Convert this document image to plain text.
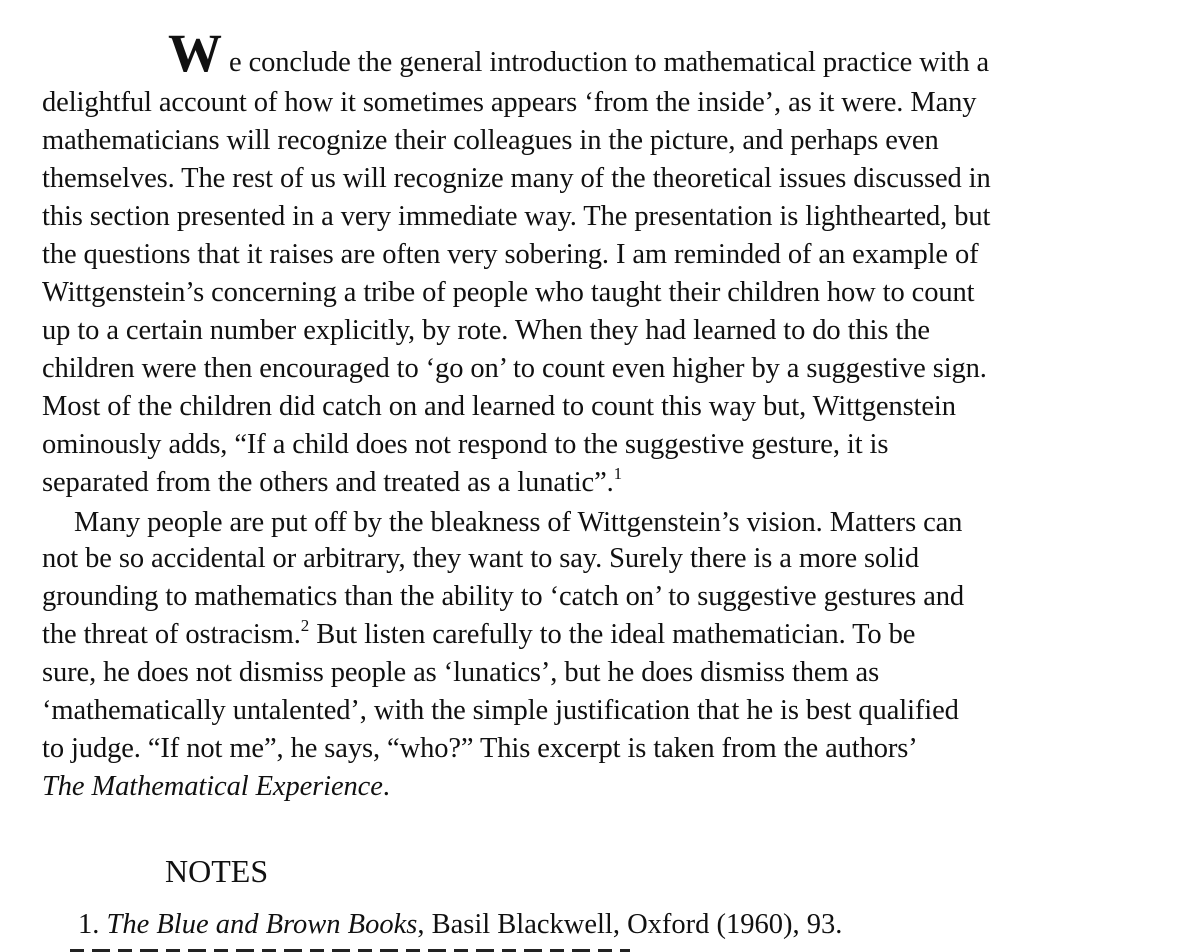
W e conclude the general introduction to mathematical practice with a
delightful account of how it sometimes appears ‘from the inside’, as it were. Many
mathematicians will recognize their colleagues in the picture, and perhaps even
themselves. The rest of us will recognize many of the theoretical issues discussed in
this section presented in a very immediate way. The presentation is lighthearted, but
the questions that it raises are often very sobering. I am reminded of an example of
Wittgenstein’s concerning a tribe of people who taught their children how to count
up to a certain number explicitly, by rote. When they had learned to do this the
children were then encouraged to ‘go on’ to count even higher by a suggestive sign.
Most of the children did catch on and learned to count this way but, Wittgenstein
ominously adds, “If a child does not respond to the suggestive gesture, it is
separated from the others and treated as a lunatic”.$^1$
Many people are put off by the bleakness of Wittgenstein’s vision. Matters can
not be so accidental or arbitrary, they want to say. Surely there is a more solid
grounding to mathematics than the ability to ‘catch on’ to suggestive gestures and
the threat of ostracism.$^2$ But listen carefully to the ideal mathematician. To be
sure, he does not dismiss people as ‘lunatics’, but he does dismiss them as
‘mathematically untalented’, with the simple justification that he is best qualified
to judge. “If not me”, he says, “who?” This excerpt is taken from the authors’
The Mathematical Experience.
NOTES
1. The Blue and Brown Books, Basil Blackwell, Oxford (1960), 93.
